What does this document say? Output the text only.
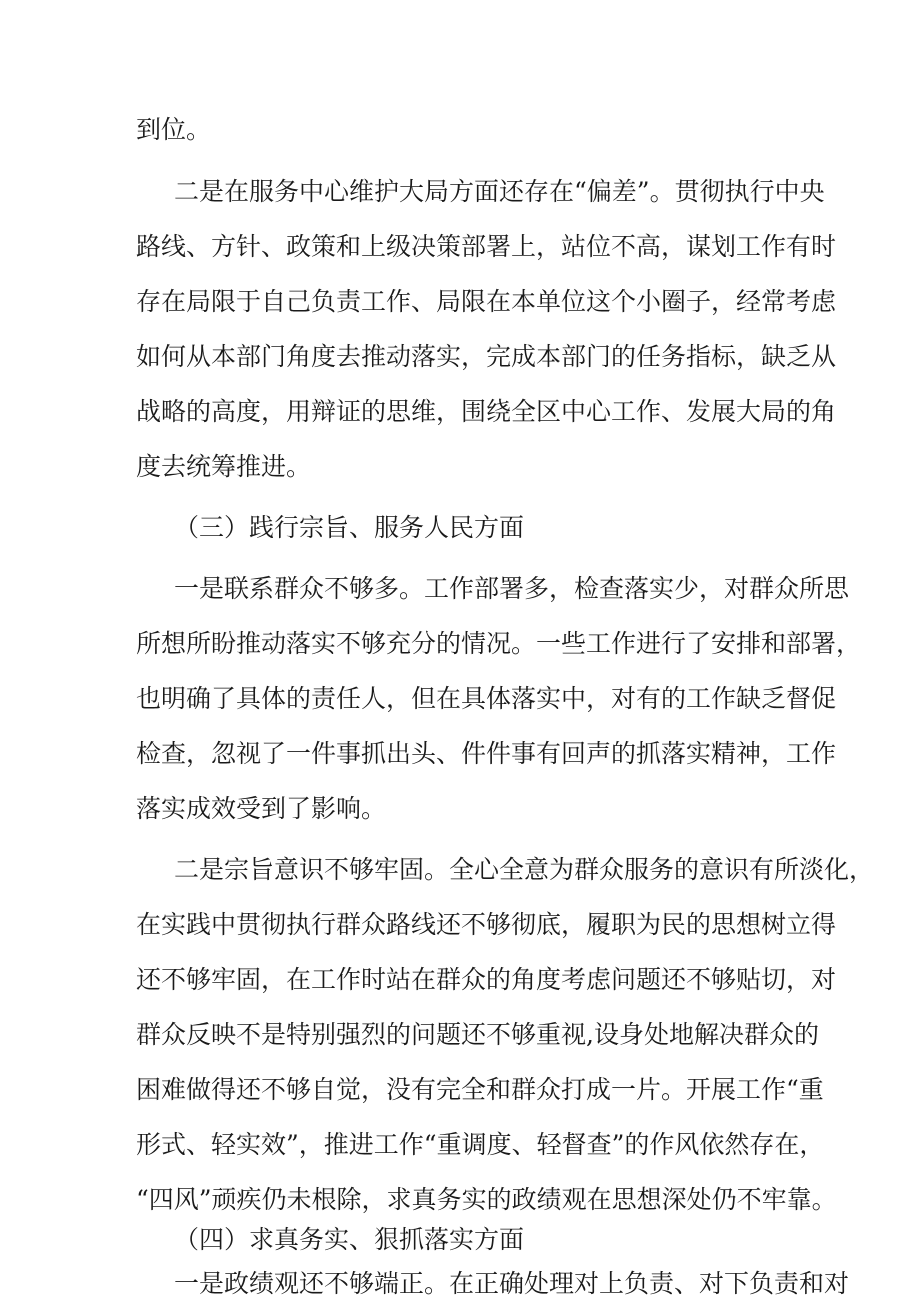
到位。
二是在服务中心维护大局方面还存在“偏差”。贯彻执行中央
路线、方针、政策和上级决策部署上，站位不高，谋划工作有时
存在局限于自己负责工作、局限在本单位这个小圈子，经常考虑
如何从本部门角度去推动落实，完成本部门的任务指标，缺乏从
战略的高度，用辩证的思维，围绕全区中心工作、发展大局的角
度去统筹推进。
（三）践行宗旨、服务人民方面
一是联系群众不够多。工作部署多，检查落实少，对群众所思
所想所盼推动落实不够充分的情况。一些工作进行了安排和部署，
也明确了具体的责任人，但在具体落实中，对有的工作缺乏督促
检查，忽视了一件事抓出头、件件事有回声的抓落实精神，工作
落实成效受到了影响。
二是宗旨意识不够牢固。全心全意为群众服务的意识有所淡化，
在实践中贯彻执行群众路线还不够彻底，履职为民的思想树立得
还不够牢固，在工作时站在群众的角度考虑问题还不够贴切，对
群众反映不是特别强烈的问题还不够重视,设身处地解决群众的
困难做得还不够自觉，没有完全和群众打成一片。开展工作“重
形式、轻实效”，推进工作“重调度、轻督查”的作风依然存在，
“四风”顽疾仍未根除，求真务实的政绩观在思想深处仍不牢靠。
（四）求真务实、狠抓落实方面
一是政绩观还不够端正。在正确处理对上负责、对下负责和对
